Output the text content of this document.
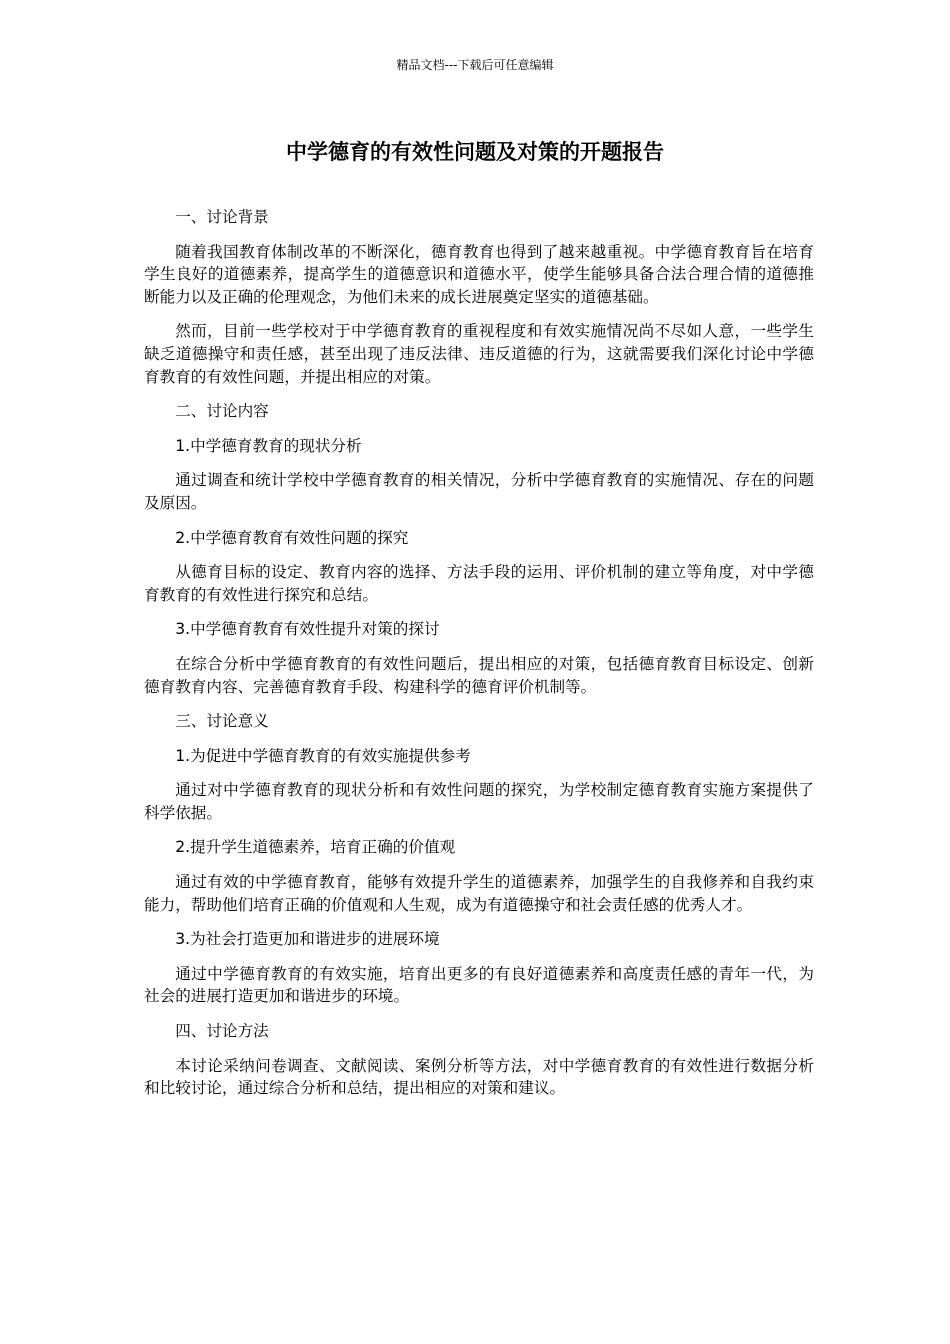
精品文档---下载后可任意编辑
中学德育的有效性问题及对策的开题报告

一、讨论背景

随着我国教育体制改革的不断深化，德育教育也得到了越来越重视。中学德育教育旨在培育学生良好的道德素养，提高学生的道德意识和道德水平，使学生能够具备合法合理合情的道德推断能力以及正确的伦理观念，为他们未来的成长进展奠定坚实的道德基础。

然而，目前一些学校对于中学德育教育的重视程度和有效实施情况尚不尽如人意，一些学生缺乏道德操守和责任感，甚至出现了违反法律、违反道德的行为，这就需要我们深化讨论中学德育教育的有效性问题，并提出相应的对策。

二、讨论内容

1.中学德育教育的现状分析

通过调查和统计学校中学德育教育的相关情况，分析中学德育教育的实施情况、存在的问题及原因。

2.中学德育教育有效性问题的探究

从德育目标的设定、教育内容的选择、方法手段的运用、评价机制的建立等角度，对中学德育教育的有效性进行探究和总结。

3.中学德育教育有效性提升对策的探讨

在综合分析中学德育教育的有效性问题后，提出相应的对策，包括德育教育目标设定、创新德育教育内容、完善德育教育手段、构建科学的德育评价机制等。

三、讨论意义

1.为促进中学德育教育的有效实施提供参考

通过对中学德育教育的现状分析和有效性问题的探究，为学校制定德育教育实施方案提供了科学依据。

2.提升学生道德素养，培育正确的价值观

通过有效的中学德育教育，能够有效提升学生的道德素养，加强学生的自我修养和自我约束能力，帮助他们培育正确的价值观和人生观，成为有道德操守和社会责任感的优秀人才。

3.为社会打造更加和谐进步的进展环境

通过中学德育教育的有效实施，培育出更多的有良好道德素养和高度责任感的青年一代，为社会的进展打造更加和谐进步的环境。

四、讨论方法

本讨论采纳问卷调查、文献阅读、案例分析等方法，对中学德育教育的有效性进行数据分析和比较讨论，通过综合分析和总结，提出相应的对策和建议。
